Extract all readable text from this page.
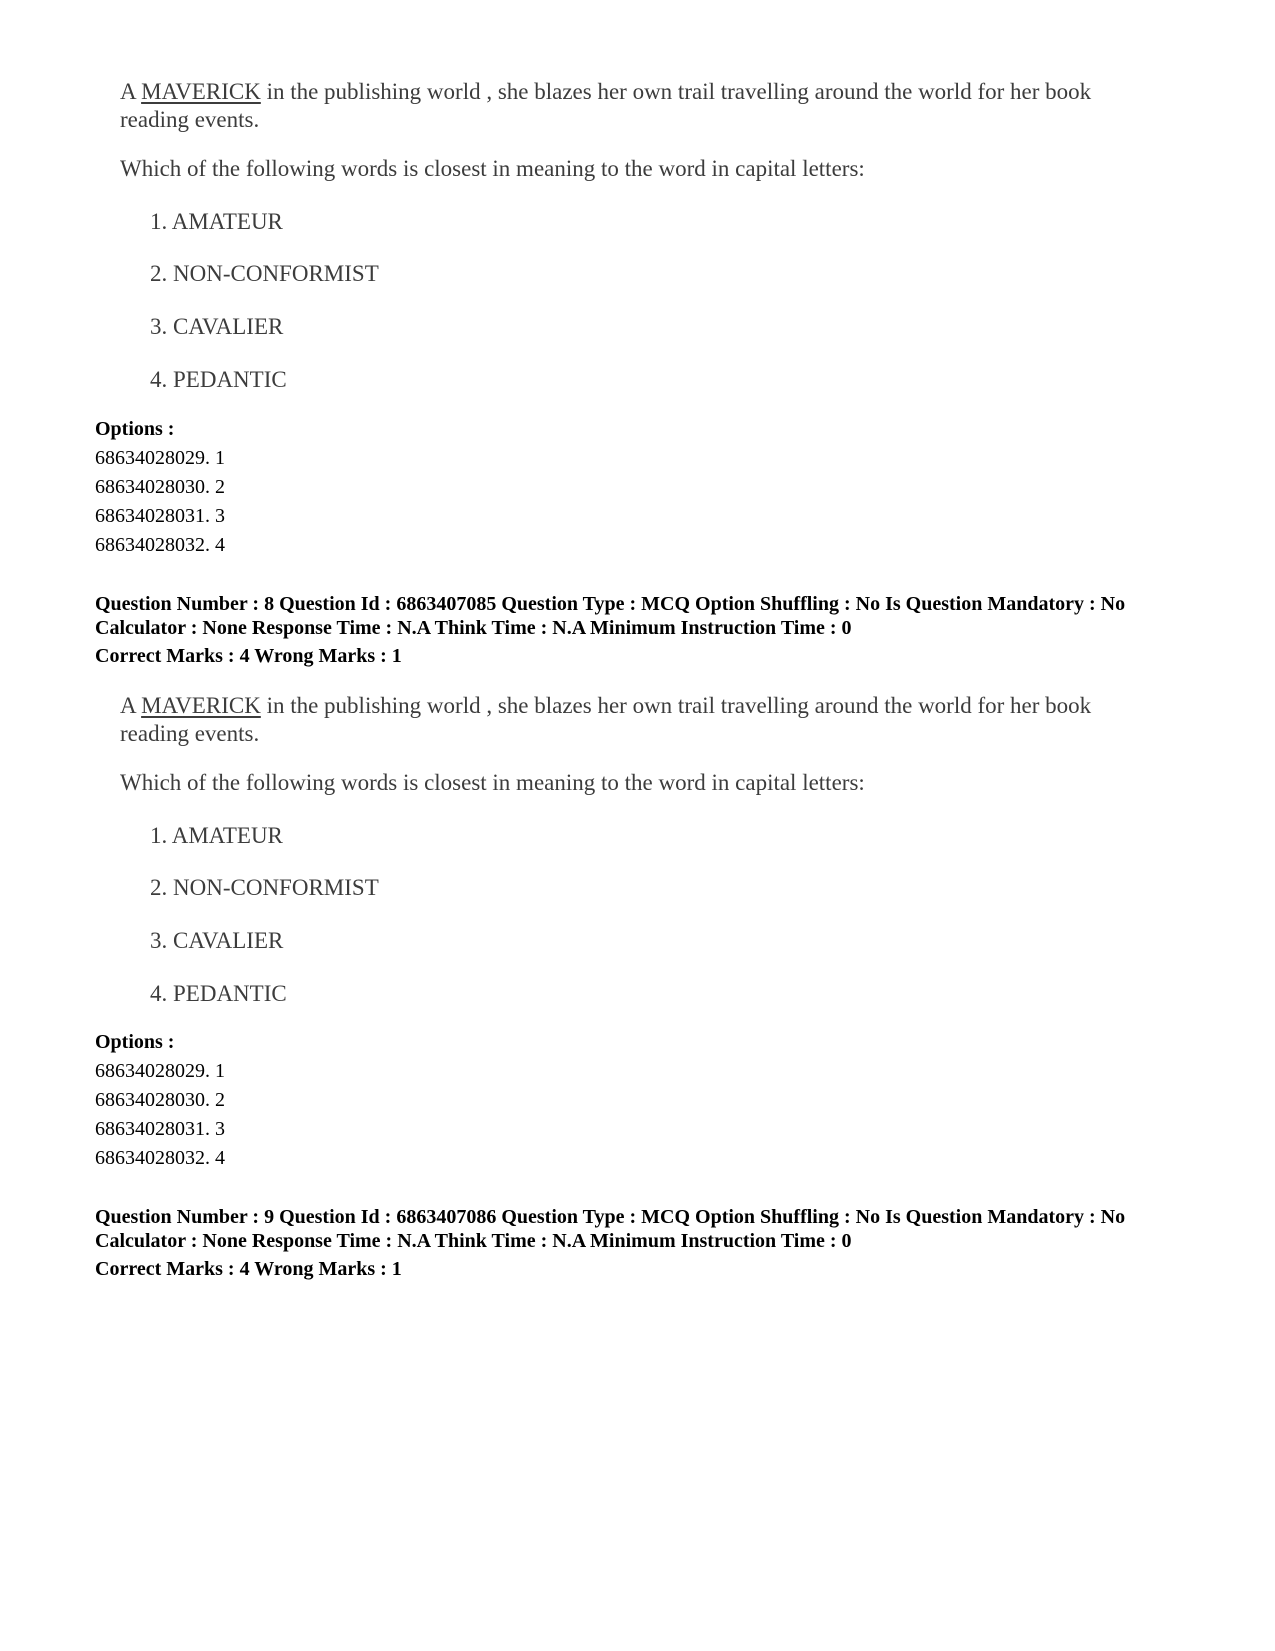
A MAVERICK in the publishing world , she blazes her own trail travelling around the world for her book reading events.

Which of the following words is closest in meaning to the word in capital letters:

1. AMATEUR

2. NON-CONFORMIST

3. CAVALIER

4. PEDANTIC

Options :
68634028029. 1
68634028030. 2
68634028031. 3
68634028032. 4
Question Number : 8 Question Id : 6863407085 Question Type : MCQ Option Shuffling : No Is Question Mandatory : No Calculator : None Response Time : N.A Think Time : N.A Minimum Instruction Time : 0
Correct Marks : 4 Wrong Marks : 1

A MAVERICK in the publishing world , she blazes her own trail travelling around the world for her book reading events.

Which of the following words is closest in meaning to the word in capital letters:

1. AMATEUR

2. NON-CONFORMIST

3. CAVALIER

4. PEDANTIC

Options :
68634028029. 1
68634028030. 2
68634028031. 3
68634028032. 4
Question Number : 9 Question Id : 6863407086 Question Type : MCQ Option Shuffling : No Is Question Mandatory : No Calculator : None Response Time : N.A Think Time : N.A Minimum Instruction Time : 0
Correct Marks : 4 Wrong Marks : 1
